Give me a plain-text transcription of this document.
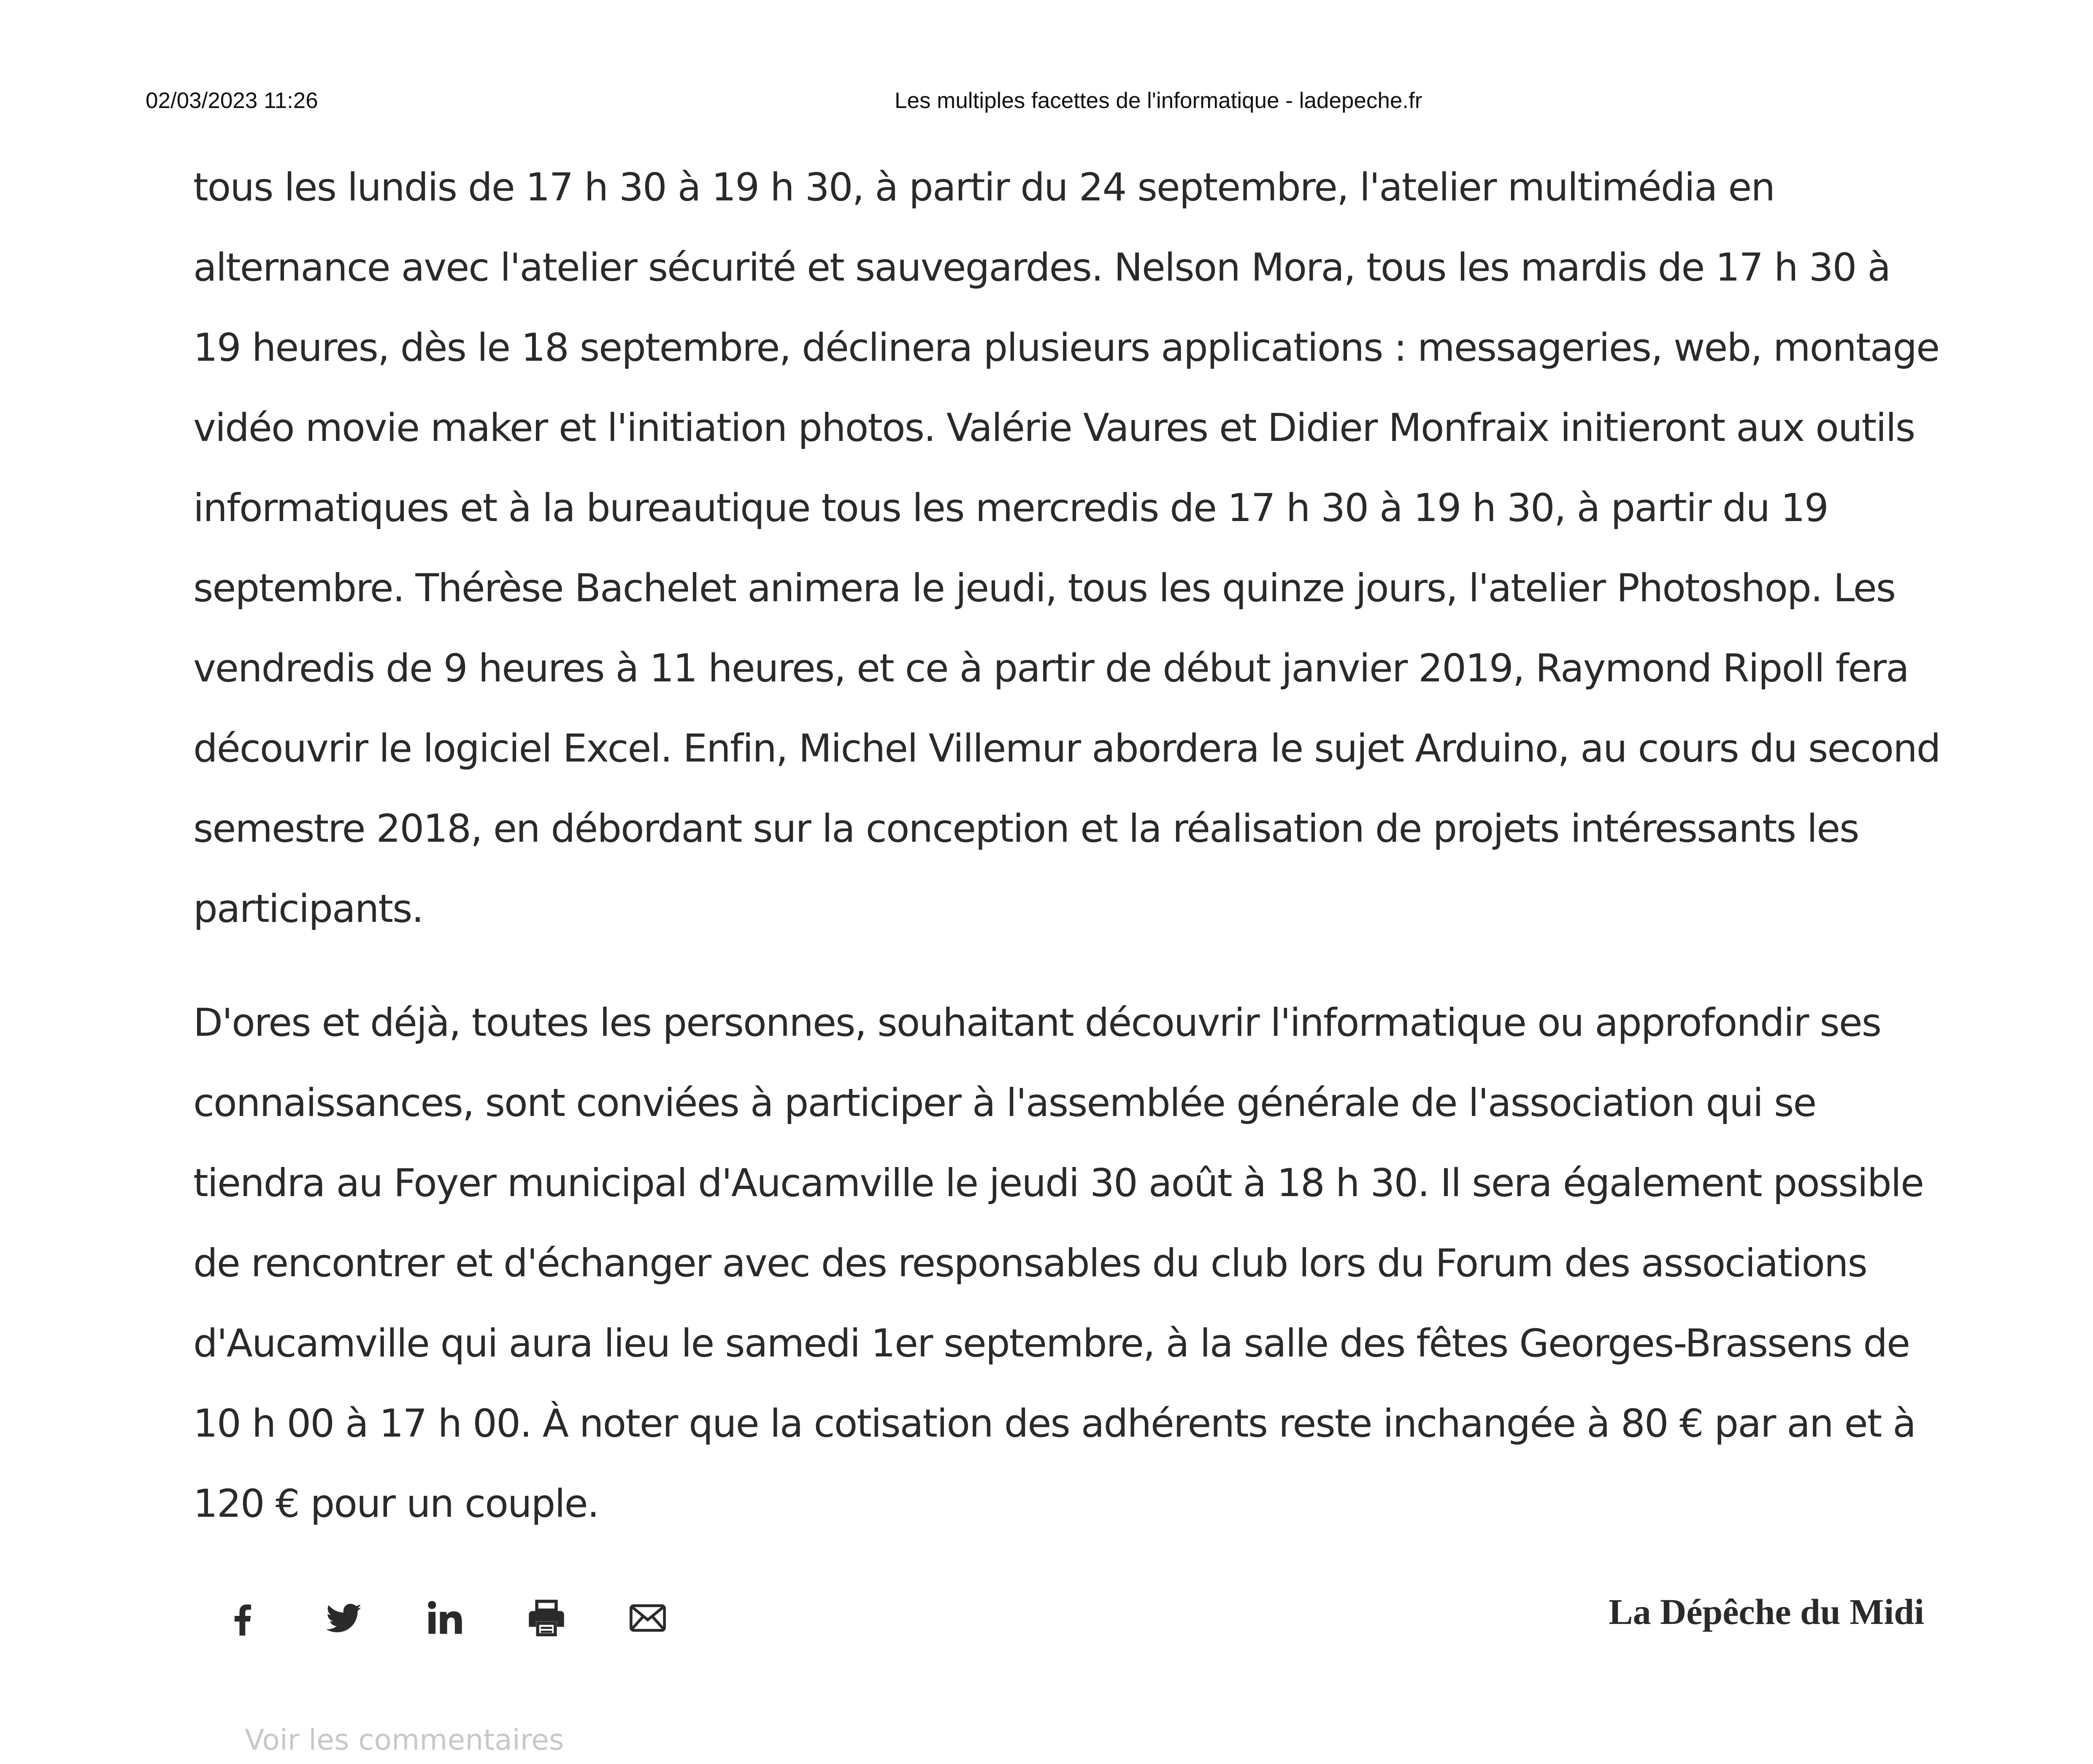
02/03/2023 11:26	Les multiples facettes de l'informatique - ladepeche.fr

tous les lundis de 17 h 30 à 19 h 30, à partir du 24 septembre, l'atelier multimédia en alternance avec l'atelier sécurité et sauvegardes. Nelson Mora, tous les mardis de 17 h 30 à 19 heures, dès le 18 septembre, déclinera plusieurs applications : messageries, web, montage vidéo movie maker et l'initiation photos. Valérie Vaures et Didier Monfraix initieront aux outils informatiques et à la bureautique tous les mercredis de 17 h 30 à 19 h 30, à partir du 19 septembre. Thérèse Bachelet animera le jeudi, tous les quinze jours, l'atelier Photoshop. Les vendredis de 9 heures à 11 heures, et ce à partir de début janvier 2019, Raymond Ripoll fera découvrir le logiciel Excel. Enfin, Michel Villemur abordera le sujet Arduino, au cours du second semestre 2018, en débordant sur la conception et la réalisation de projets intéressants les participants.

D'ores et déjà, toutes les personnes, souhaitant découvrir l'informatique ou approfondir ses connaissances, sont conviées à participer à l'assemblée générale de l'association qui se tiendra au Foyer municipal d'Aucamville le jeudi 30 août à 18 h 30. Il sera également possible de rencontrer et d'échanger avec des responsables du club lors du Forum des associations d'Aucamville qui aura lieu le samedi 1er septembre, à la salle des fêtes Georges-Brassens de 10 h 00 à 17 h 00. À noter que la cotisation des adhérents reste inchangée à 80 € par an et à 120 € pour un couple.

La Dépêche du Midi
Voir les commentaires
